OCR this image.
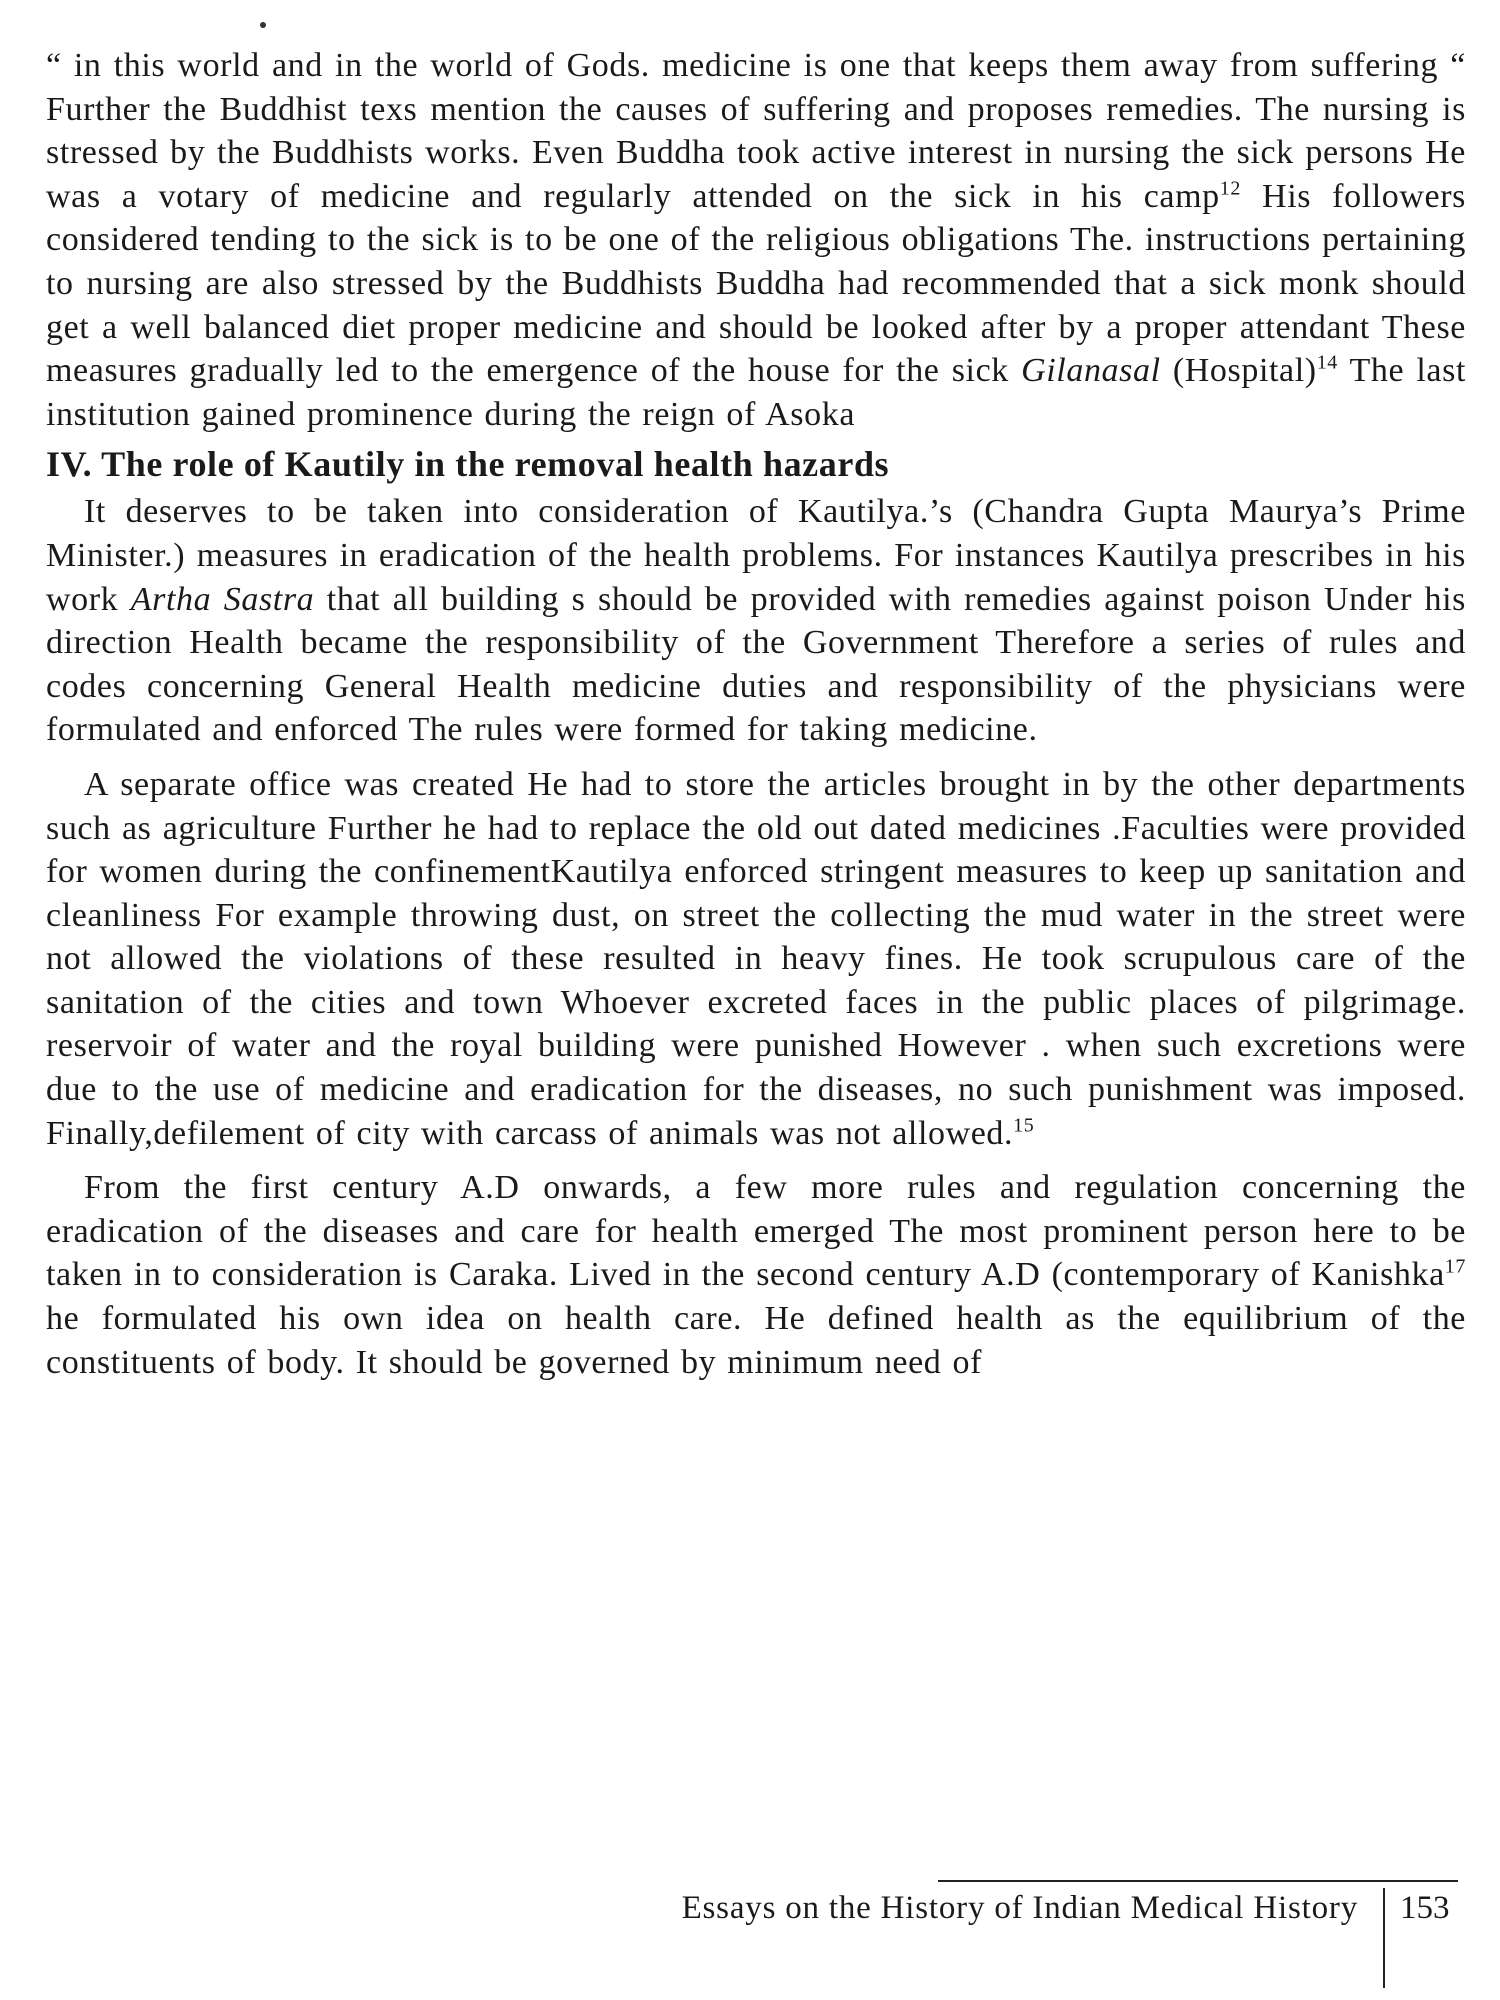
“ in this world and in the world of Gods. medicine is one that keeps them away from suffering “ Further the Buddhist texs mention the causes of suffering and proposes remedies. The nursing is stressed by the Buddhists works. Even Buddha took active interest in nursing the sick persons He was a votary of medicine and regularly attended on the sick in his camp$^{12}$ His followers considered tending to the sick is to be one of the religious obligations The. instructions pertaining to nursing are also stressed by the Buddhists Buddha had recommended that a sick monk should get a well balanced diet proper medicine and should be looked after by a proper attendant These measures gradually led to the emergence of the house for the sick Gilanasal (Hospital)$^{14}$ The last institution gained prominence during the reign of Asoka

IV. The role of Kautily in the removal health hazards

It deserves to be taken into consideration of Kautilya.’s (Chandra Gupta Maurya’s Prime Minister.) measures in eradication of the health problems. For instances Kautilya prescribes in his work Artha Sastra that all building s should be provided with remedies against poison Under his direction Health became the responsibility of the Government Therefore a series of rules and codes concerning General Health medicine duties and responsibility of the physicians were formulated and enforced The rules were formed for taking medicine.

A separate office was created He had to store the articles brought in by the other departments such as agriculture Further he had to replace the old out dated medicines .Faculties were provided for women during the confinementKautilya enforced stringent measures to keep up sanitation and cleanliness For example throwing dust, on street the collecting the mud water in the street were not allowed the violations of these resulted in heavy fines. He took scrupulous care of the sanitation of the cities and town Whoever excreted faces in the public places of pilgrimage. reservoir of water and the royal building were punished However . when such excretions were due to the use of medicine and eradication for the diseases, no such punishment was imposed. Finally,defilement of city with carcass of animals was not allowed.$^{15}$

From the first century A.D onwards, a few more rules and regulation concerning the eradication of the diseases and care for health emerged The most prominent person here to be taken in to consideration is Caraka. Lived in the second century A.D (contemporary of Kanishka$^{17}$ he formulated his own idea on health care. He defined health as the equilibrium of the constituents of body. It should be governed by minimum need of

Essays on the History of Indian Medical History 153
